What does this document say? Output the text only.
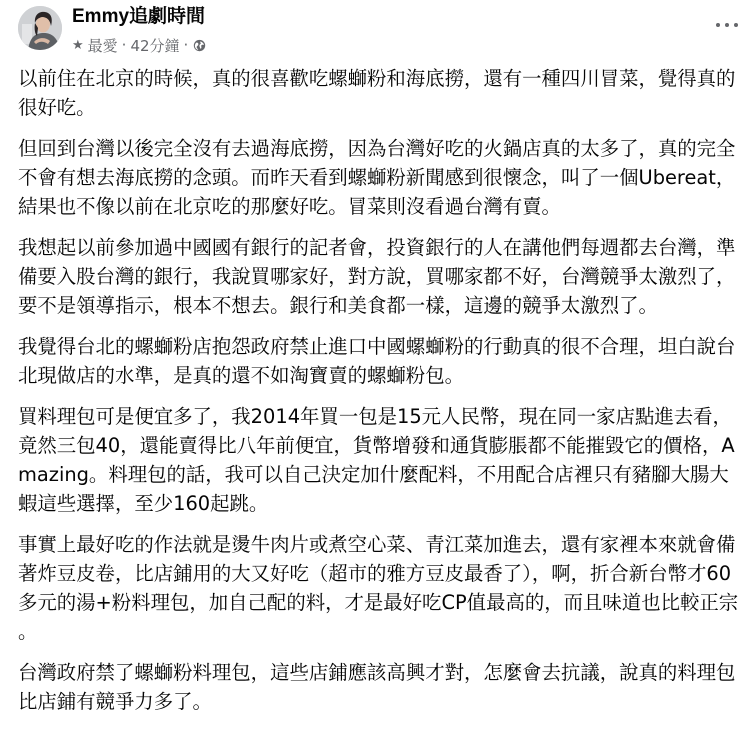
Emmy追劇時間
★ 最愛 · 42分鐘 ·

以前住在北京的時候，真的很喜歡吃螺螄粉和海底撈，還有一種四川冒菜，覺得真的很好吃。

但回到台灣以後完全沒有去過海底撈，因為台灣好吃的火鍋店真的太多了，真的完全不會有想去海底撈的念頭。而昨天看到螺螄粉新聞感到很懷念，叫了一個Ubereat，結果也不像以前在北京吃的那麼好吃。冒菜則沒看過台灣有賣。

我想起以前參加過中國國有銀行的記者會，投資銀行的人在講他們每週都去台灣，準備要入股台灣的銀行，我說買哪家好，對方說，買哪家都不好，台灣競爭太激烈了，要不是領導指示，根本不想去。銀行和美食都一樣，這邊的競爭太激烈了。

我覺得台北的螺螄粉店抱怨政府禁止進口中國螺螄粉的行動真的很不合理，坦白說台北現做店的水準，是真的還不如淘寶賣的螺螄粉包。

買料理包可是便宜多了，我2014年買一包是15元人民幣，現在同一家店點進去看，竟然三包40，還能賣得比八年前便宜，貨幣增發和通貨膨脹都不能摧毀它的價格，Amazing。料理包的話，我可以自己決定加什麼配料，不用配合店裡只有豬腳大腸大蝦這些選擇，至少160起跳。

事實上最好吃的作法就是燙牛肉片或煮空心菜、青江菜加進去，還有家裡本來就會備著炸豆皮卷，比店鋪用的大又好吃（超市的雅方豆皮最香了），啊，折合新台幣才60多元的湯+粉料理包，加自己配的料，才是最好吃CP值最高的，而且味道也比較正宗。

台灣政府禁了螺螄粉料理包，這些店鋪應該高興才對，怎麼會去抗議，說真的料理包比店鋪有競爭力多了。
